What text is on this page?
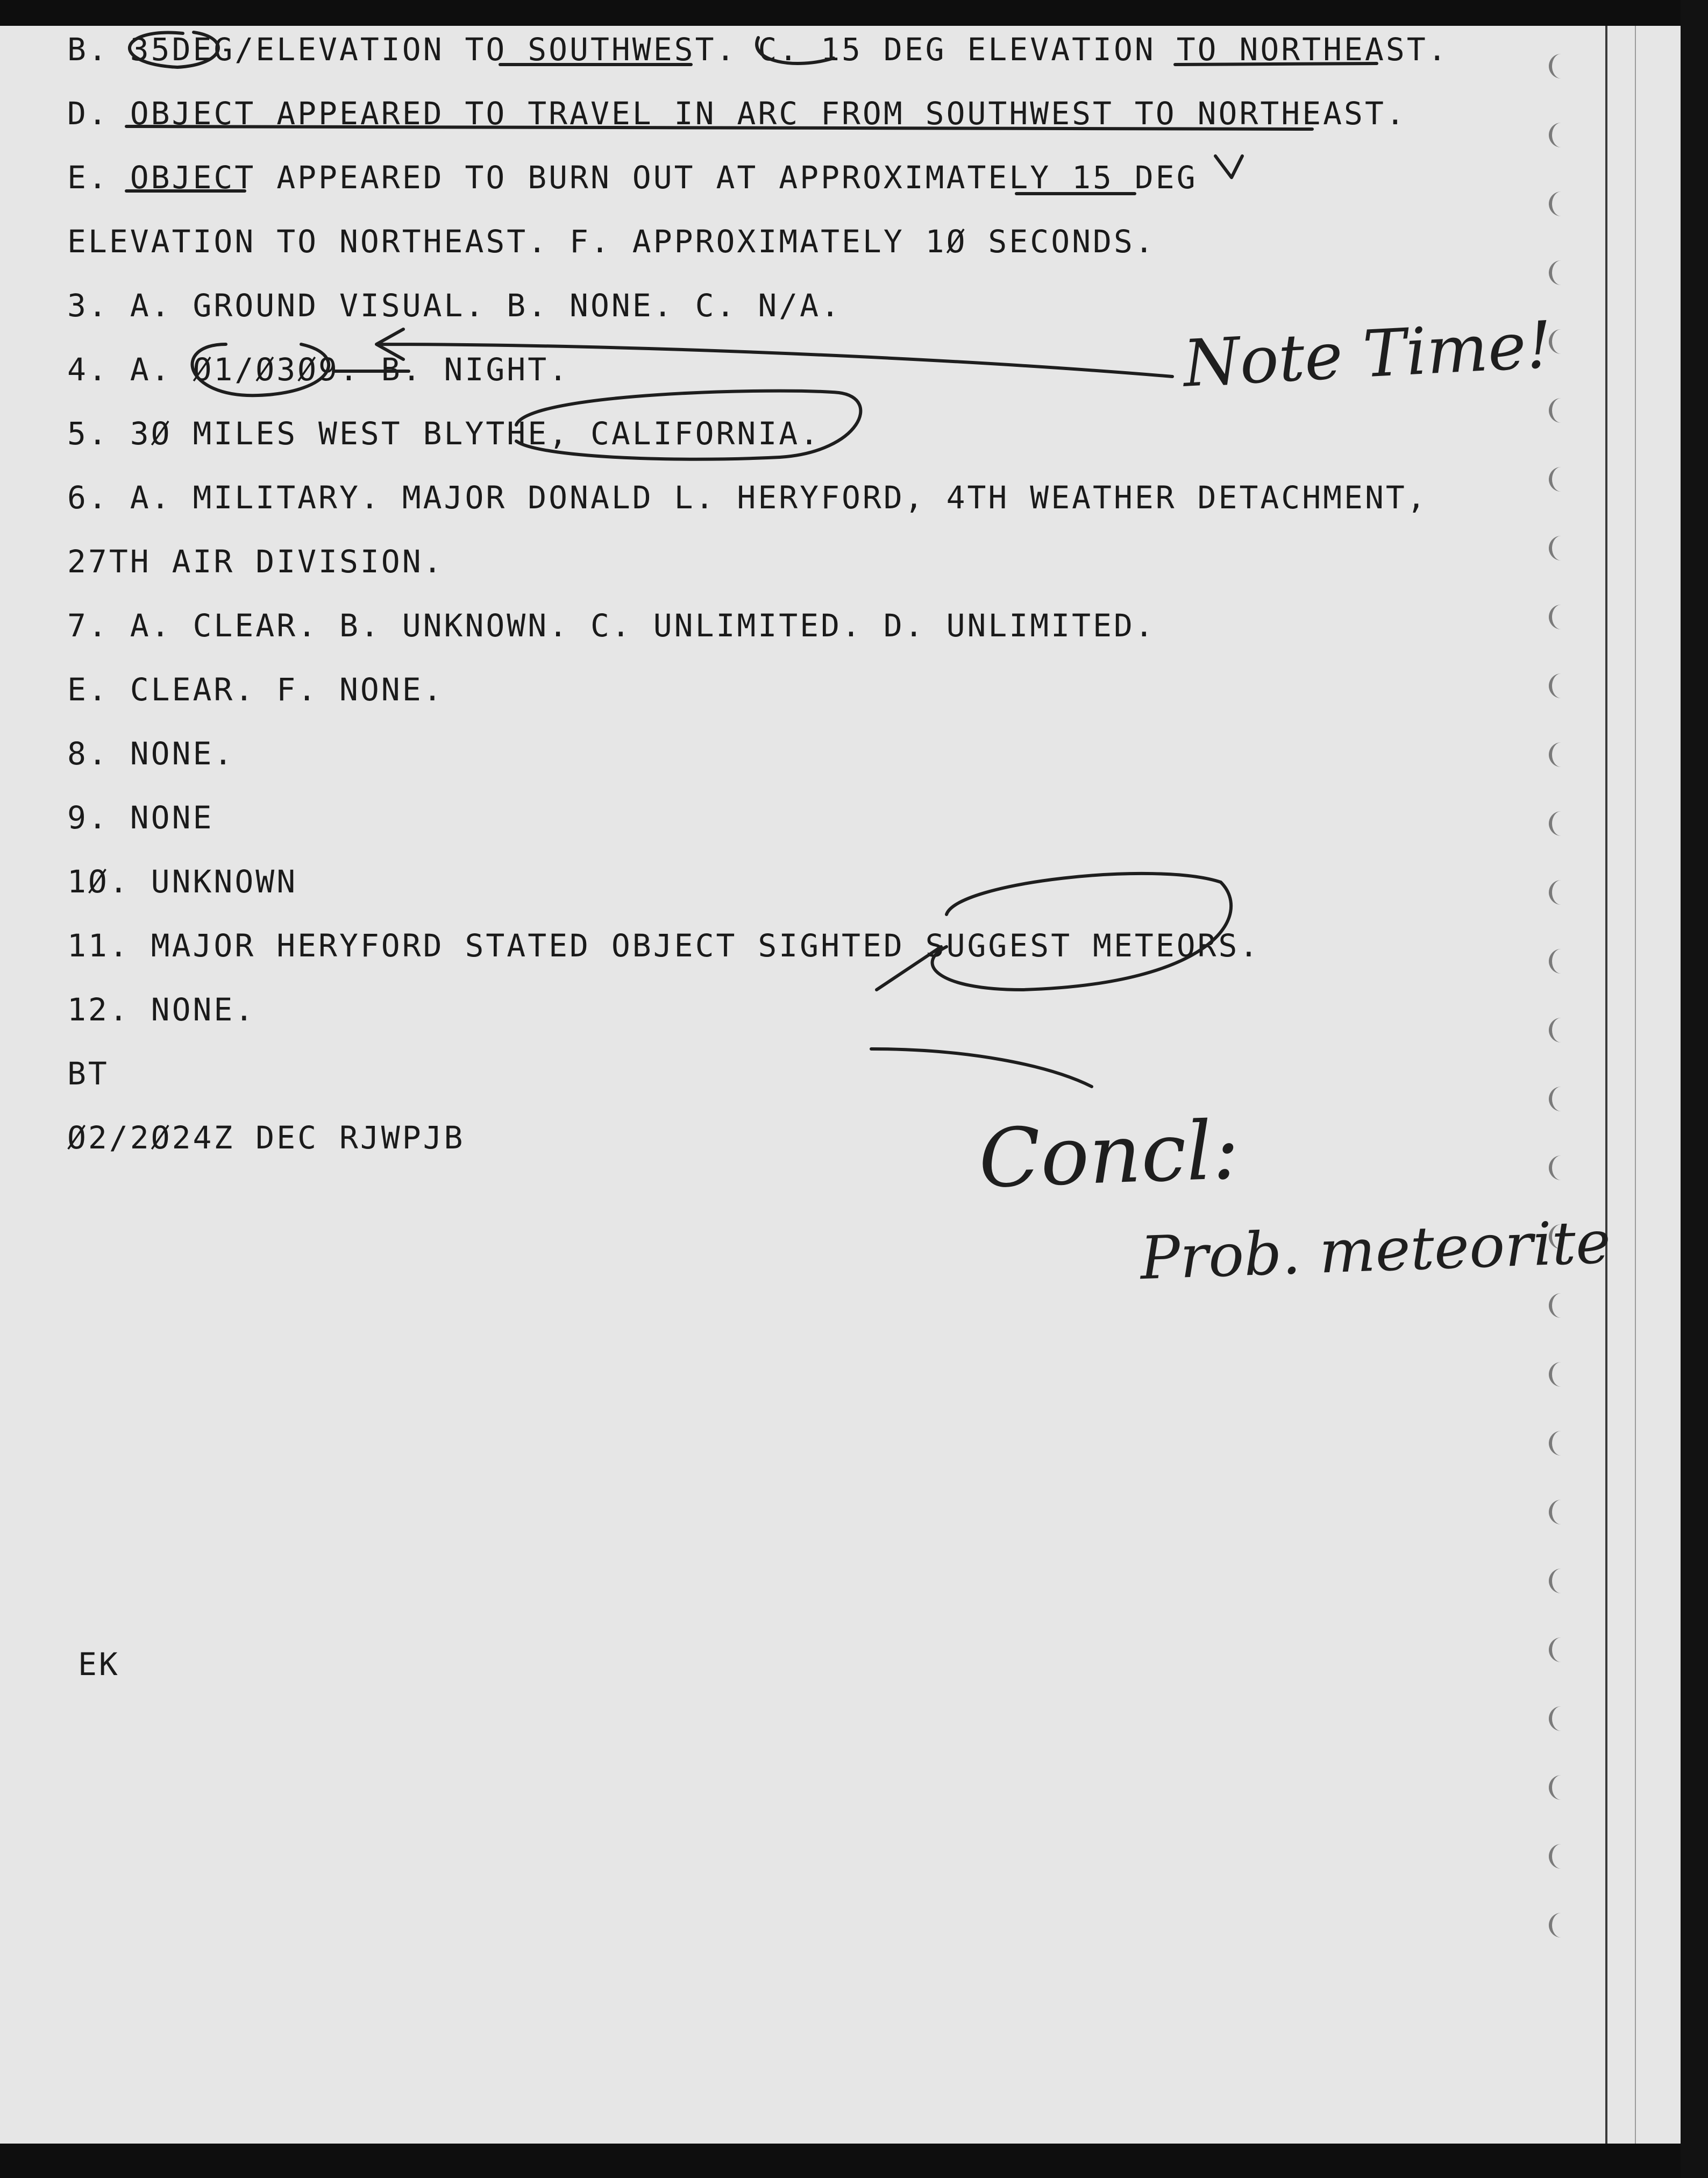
B. 35DEG/ELEVATION TO SOUTHWEST. C. 15 DEG ELEVATION TO NORTHEAST.
D. OBJECT APPEARED TO TRAVEL IN ARC FROM SOUTHWEST TO NORTHEAST.
E. OBJECT APPEARED TO BURN OUT AT APPROXIMATELY 15 DEG
ELEVATION TO NORTHEAST. F. APPROXIMATELY 1Ø SECONDS.
3. A. GROUND VISUAL. B. NONE. C. N/A.
4. A. Ø1/Ø3Ø9. B. NIGHT.
5. 3Ø MILES WEST BLYTHE, CALIFORNIA.
6. A. MILITARY. MAJOR DONALD L. HERYFORD, 4TH WEATHER DETACHMENT,
27TH AIR DIVISION.
7. A. CLEAR. B. UNKNOWN. C. UNLIMITED. D. UNLIMITED.
E. CLEAR. F. NONE.
8. NONE.
9. NONE
1Ø. UNKNOWN
11. MAJOR HERYFORD STATED OBJECT SIGHTED SUGGEST METEORS.
12. NONE.
BT
Ø2/2Ø24Z DEC RJWPJB
EK
Note Time!
Concl:
Prob. meteorite
